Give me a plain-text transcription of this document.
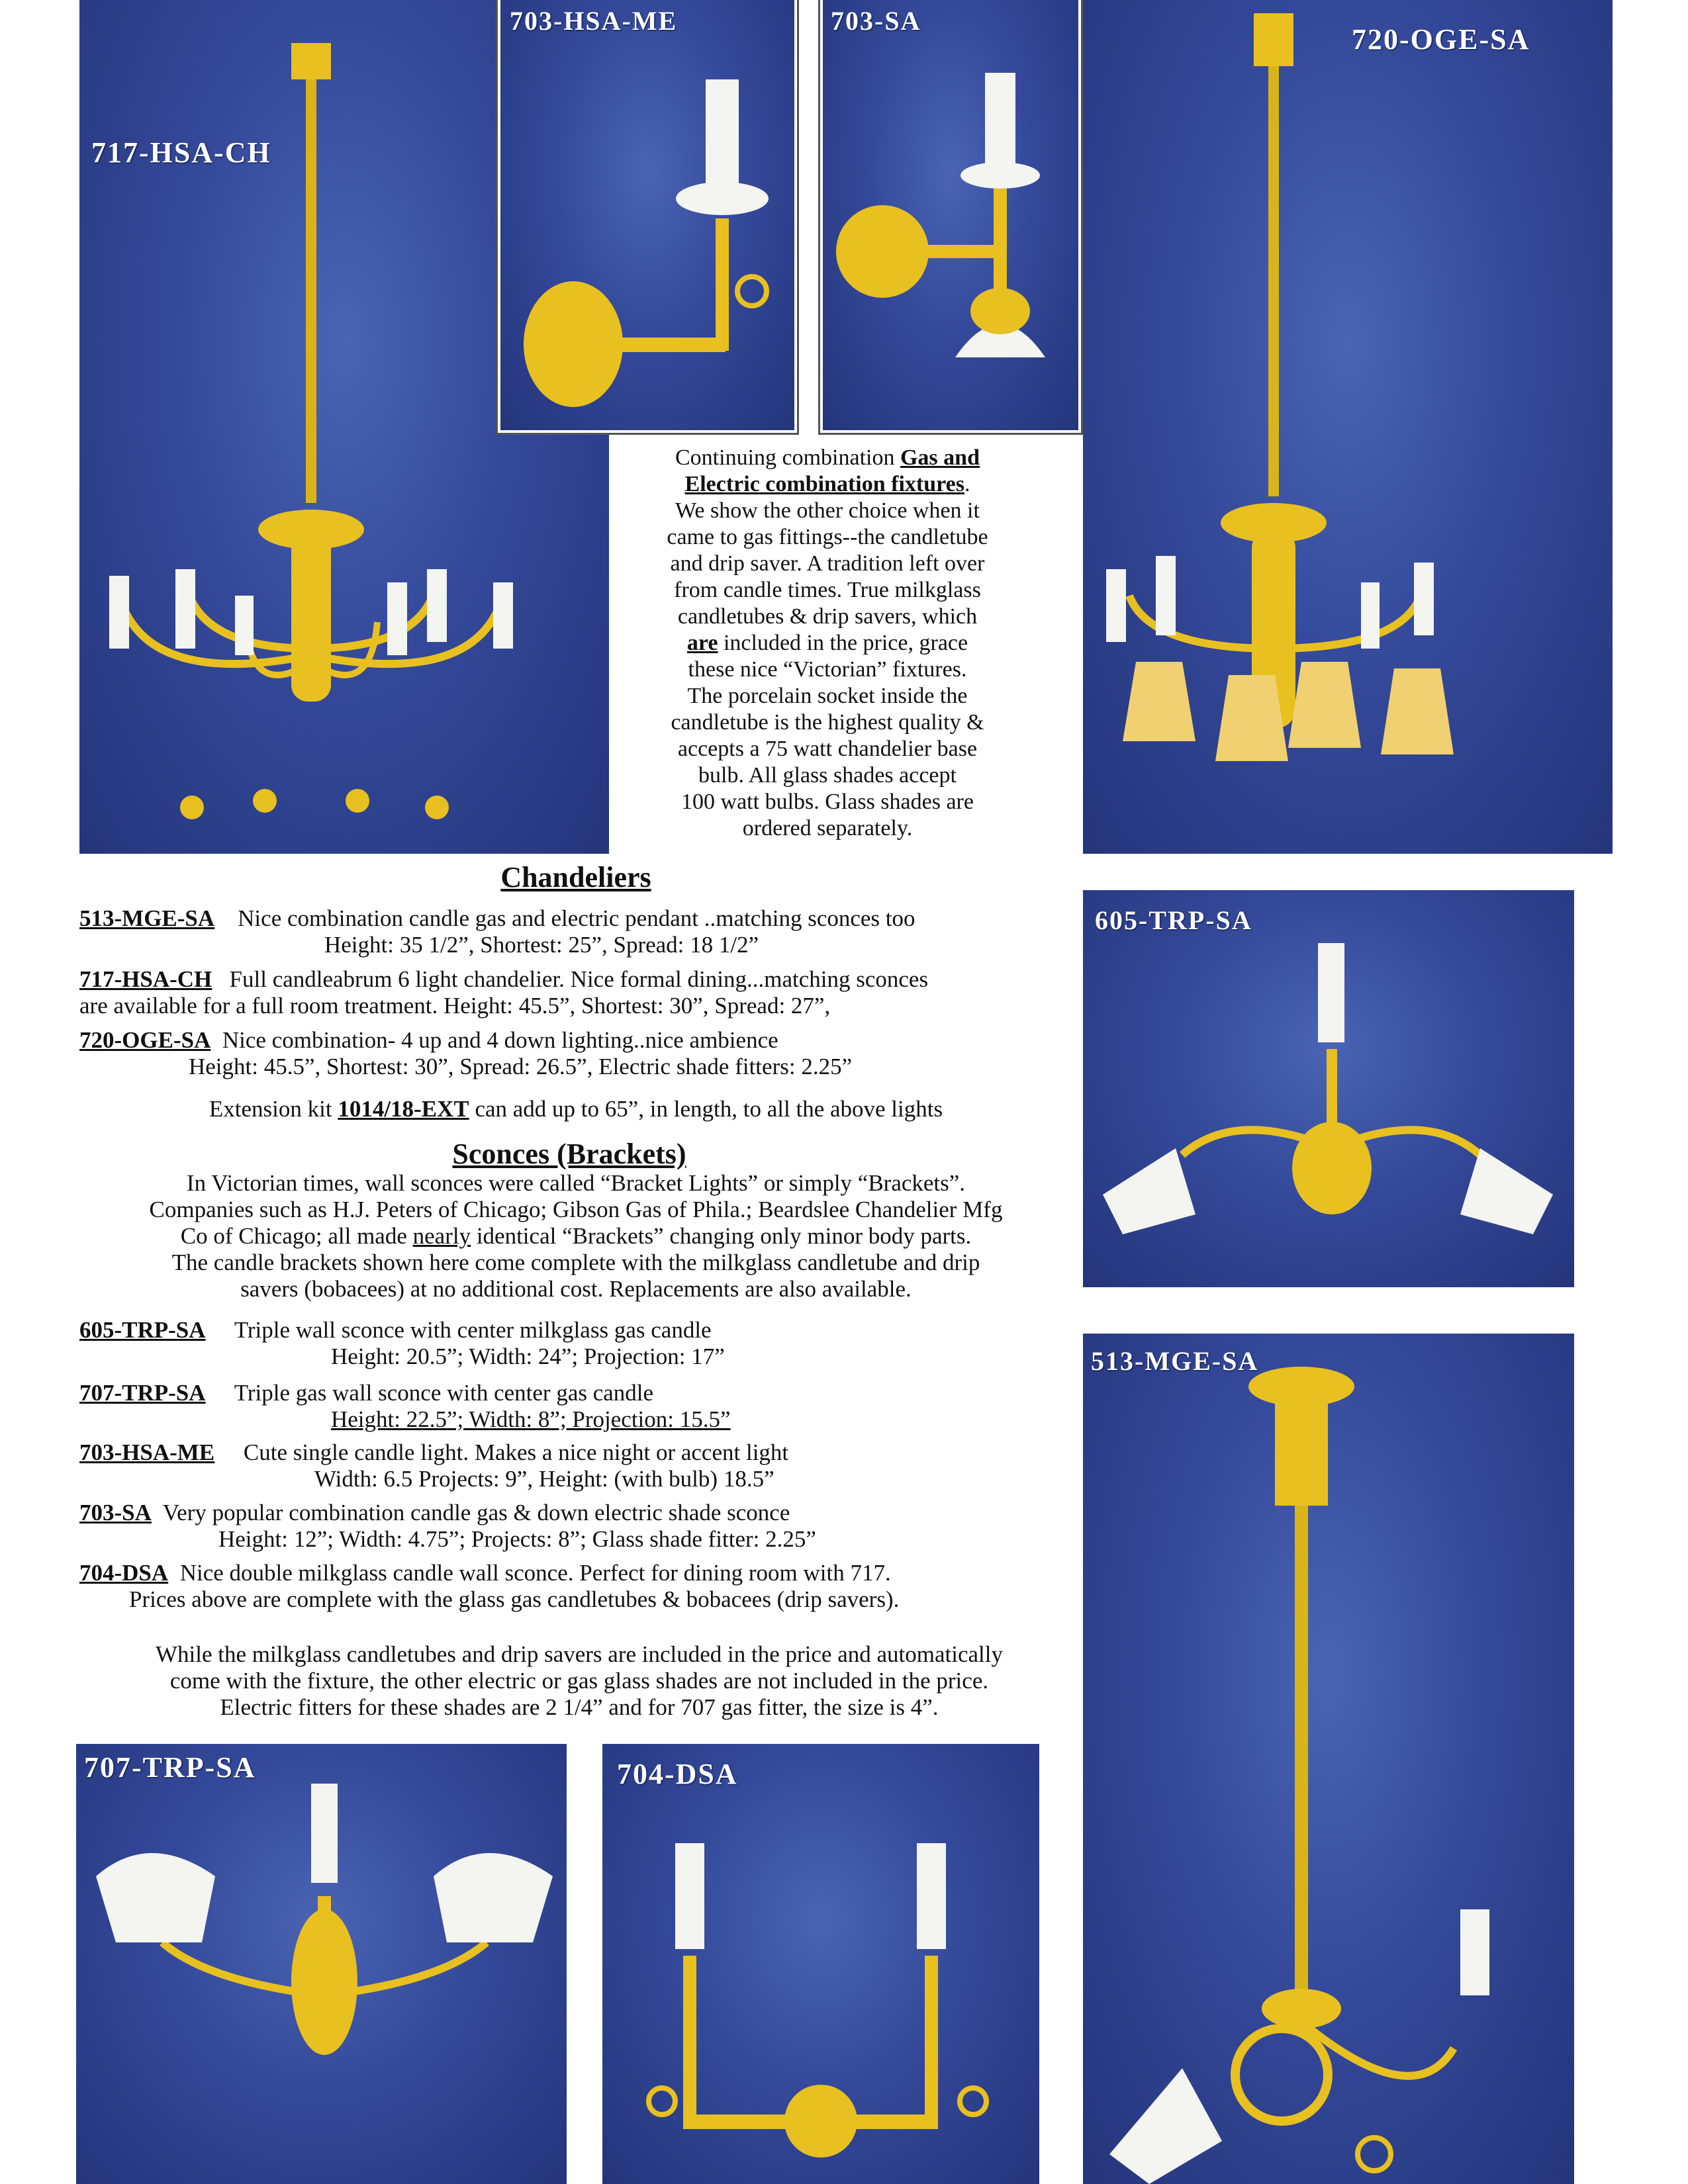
717-HSA-CH
703-HSA-ME	703-SA
720-OGE-SA
605-TRP-SA
513-MGE-SA
707-TRP-SA	704-DSA
Continuing combination Gas and
Electric combination fixtures.
We show the other choice when it
came to gas fittings--the candletube
and drip saver. A tradition left over
from candle times. True milkglass
candletubes & drip savers, which
are included in the price, grace
these nice “Victorian” fixtures.
The porcelain socket inside the
candletube is the highest quality &
accepts a 75 watt chandelier base
bulb. All glass shades accept
100 watt bulbs. Glass shades are
ordered separately.
Chandeliers
513-MGE-SA Nice combination candle gas and electric pendant ..matching sconces too
Height: 35 1/2”, Shortest: 25”, Spread: 18 1/2”
717-HSA-CH Full candleabrum 6 light chandelier. Nice formal dining...matching sconces
are available for a full room treatment. Height: 45.5”, Shortest: 30”, Spread: 27”,
720-OGE-SA Nice combination- 4 up and 4 down lighting..nice ambience
Height: 45.5”, Shortest: 30”, Spread: 26.5”, Electric shade fitters: 2.25”
Extension kit 1014/18-EXT can add up to 65”, in length, to all the above lights
Sconces (Brackets)
In Victorian times, wall sconces were called “Bracket Lights” or simply “Brackets”.
Companies such as H.J. Peters of Chicago; Gibson Gas of Phila.; Beardslee Chandelier Mfg
Co of Chicago; all made nearly identical “Brackets” changing only minor body parts.
The candle brackets shown here come complete with the milkglass candletube and drip
savers (bobacees) at no additional cost. Replacements are also available.
605-TRP-SA Triple wall sconce with center milkglass gas candle
Height: 20.5”; Width: 24”; Projection: 17”
707-TRP-SA Triple gas wall sconce with center gas candle
Height: 22.5”; Width: 8”; Projection: 15.5”
703-HSA-ME Cute single candle light. Makes a nice night or accent light
Width: 6.5 Projects: 9”, Height: (with bulb) 18.5”
703-SA Very popular combination candle gas & down electric shade sconce
Height: 12”; Width: 4.75”; Projects: 8”; Glass shade fitter: 2.25”
704-DSA Nice double milkglass candle wall sconce. Perfect for dining room with 717.
Prices above are complete with the glass gas candletubes & bobacees (drip savers).
While the milkglass candletubes and drip savers are included in the price and automatically
come with the fixture, the other electric or gas glass shades are not included in the price.
Electric fitters for these shades are 2 1/4” and for 707 gas fitter, the size is 4”.
